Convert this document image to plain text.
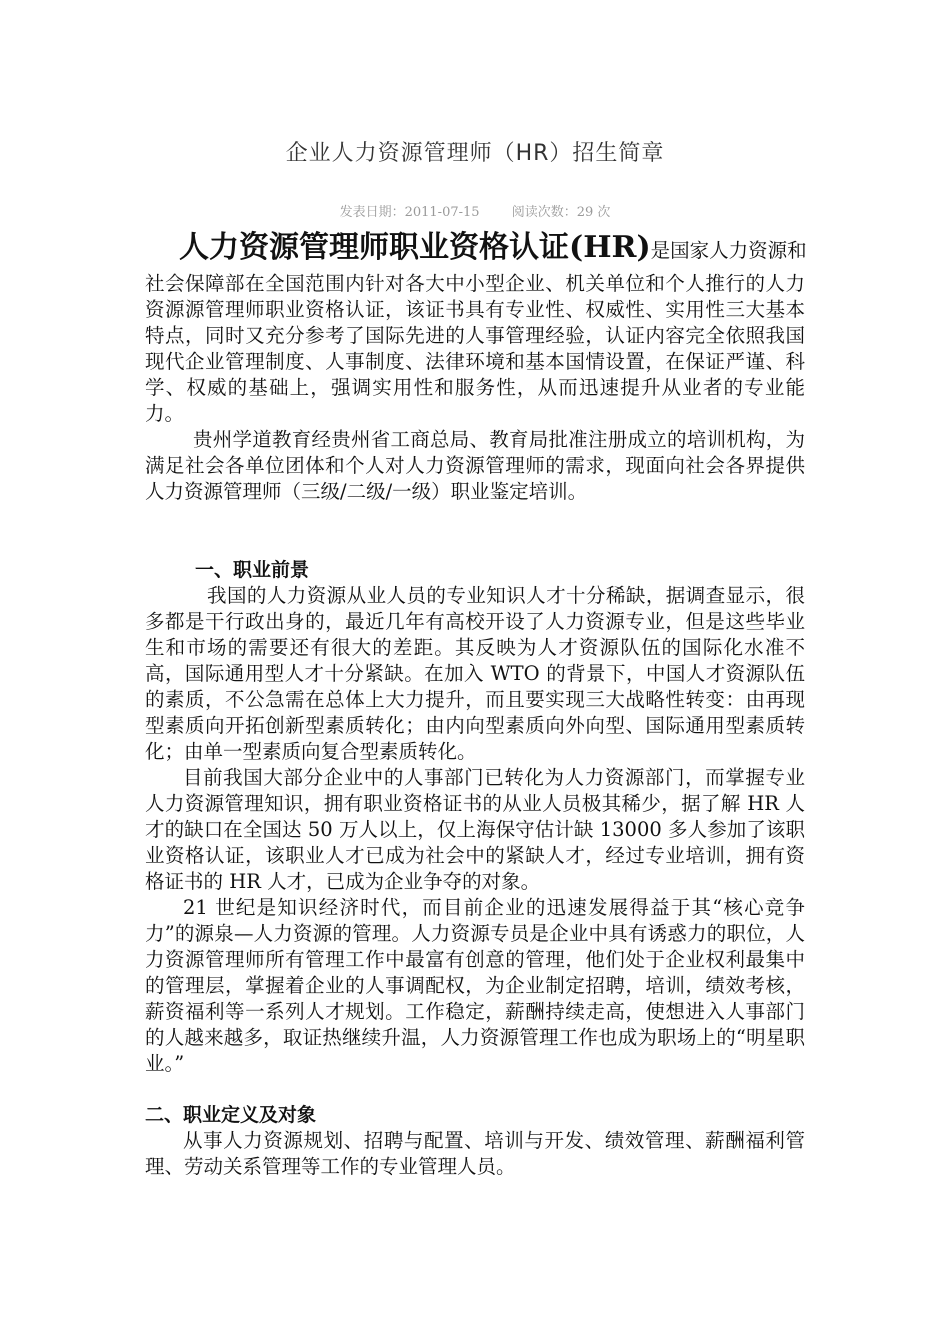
企业人力资源管理师（HR）招生简章
发表日期：2011-07-15 阅读次数：29 次
人力资源管理师职业资格认证(HR)是国家人力资源和

社会保障部在全国范围内针对各大中小型企业、机关单位和个人推行的人力资源源管理师职业资格认证，该证书具有专业性、权威性、实用性三大基本特点，同时又充分参考了国际先进的人事管理经验，认证内容完全依照我国现代企业管理制度、人事制度、法律环境和基本国情设置，在保证严谨、科学、权威的基础上，强调实用性和服务性，从而迅速提升从业者的专业能力。

贵州学道教育经贵州省工商总局、教育局批准注册成立的培训机构，为满足社会各单位团体和个人对人力资源管理师的需求，现面向社会各界提供人力资源管理师（三级/二级/一级）职业鉴定培训。

一、职业前景

我国的人力资源从业人员的专业知识人才十分稀缺，据调查显示，很多都是干行政出身的，最近几年有高校开设了人力资源专业，但是这些毕业生和市场的需要还有很大的差距。其反映为人才资源队伍的国际化水准不高，国际通用型人才十分紧缺。在加入 WTO 的背景下，中国人才资源队伍的素质，不公急需在总体上大力提升，而且要实现三大战略性转变：由再现型素质向开拓创新型素质转化；由内向型素质向外向型、国际通用型素质转化；由单一型素质向复合型素质转化。

目前我国大部分企业中的人事部门已转化为人力资源部门，而掌握专业人力资源管理知识，拥有职业资格证书的从业人员极其稀少，据了解 HR 人才的缺口在全国达 50 万人以上，仅上海保守估计缺 13000 多人参加了该职业资格认证，该职业人才已成为社会中的紧缺人才，经过专业培训，拥有资格证书的 HR 人才，已成为企业争夺的对象。

21 世纪是知识经济时代，而目前企业的迅速发展得益于其“核心竞争力”的源泉—人力资源的管理。人力资源专员是企业中具有诱惑力的职位，人力资源管理师所有管理工作中最富有创意的管理，他们处于企业权利最集中的管理层，掌握着企业的人事调配权，为企业制定招聘，培训，绩效考核，薪资福利等一系列人才规划。工作稳定，薪酬持续走高，使想进入人事部门的人越来越多，取证热继续升温，人力资源管理工作也成为职场上的“明星职业。”

二、职业定义及对象

从事人力资源规划、招聘与配置、培训与开发、绩效管理、薪酬福利管理、劳动关系管理等工作的专业管理人员。
